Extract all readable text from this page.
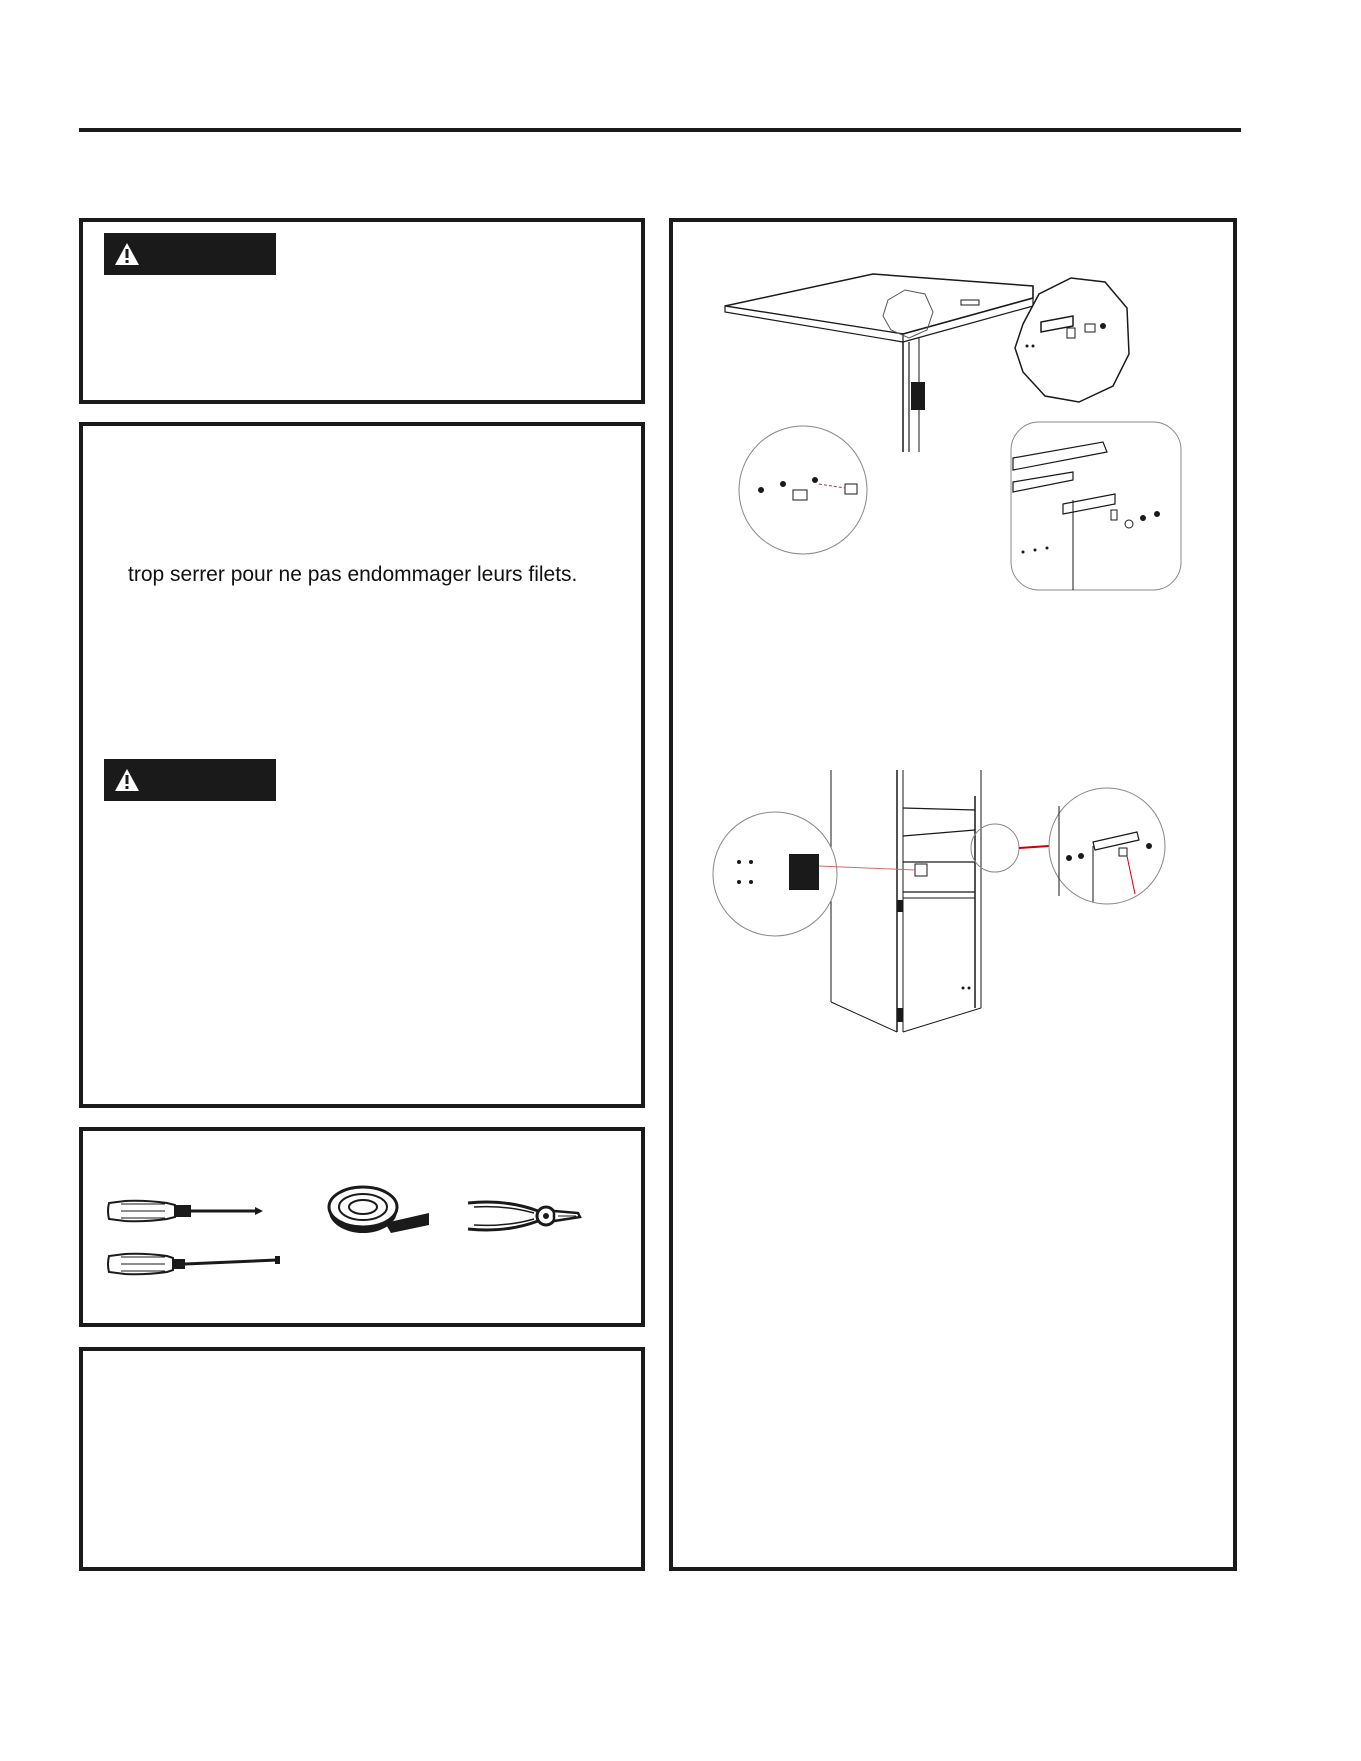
trop serrer pour ne pas endommager leurs filets.
